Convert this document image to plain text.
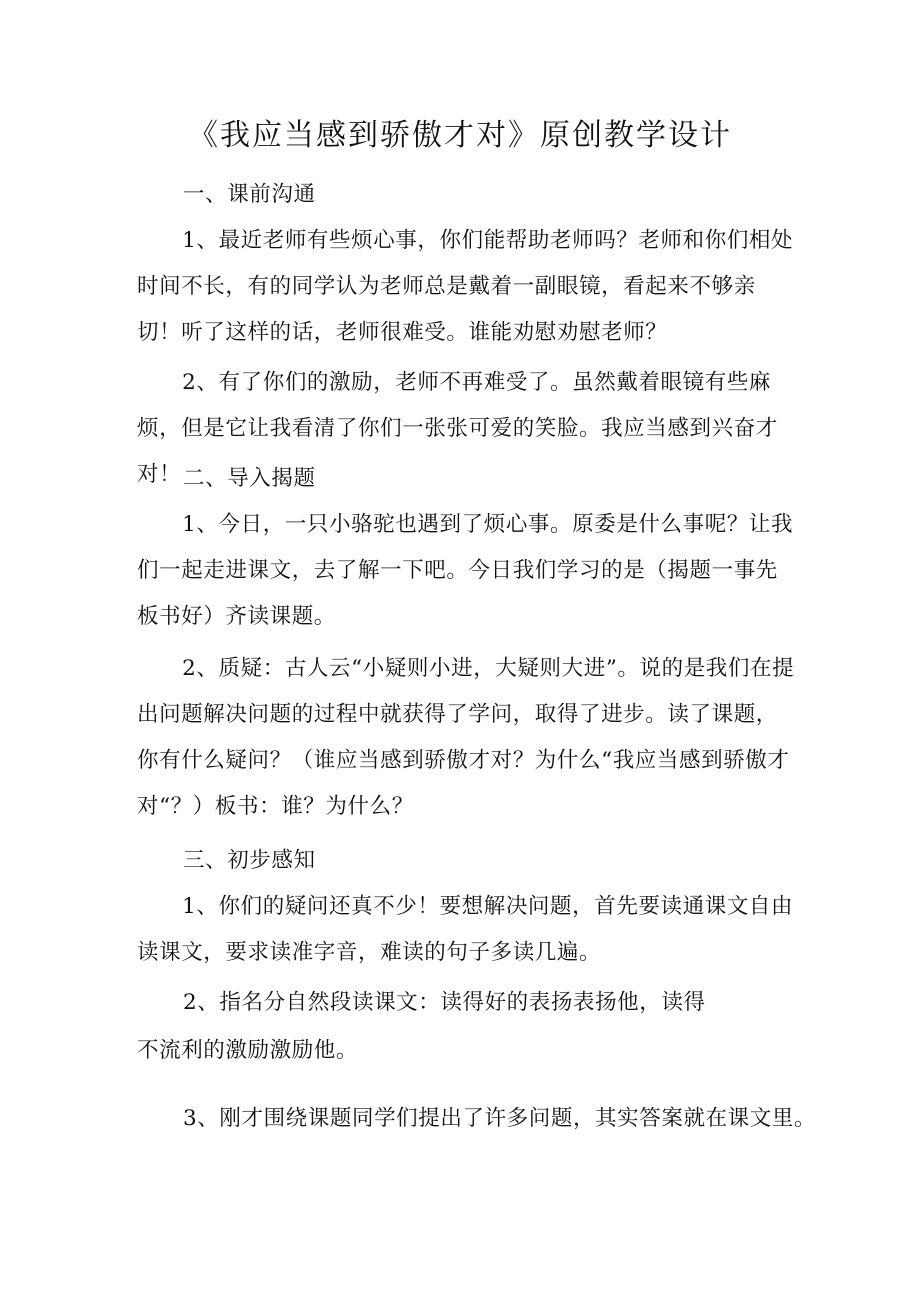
《我应当感到骄傲才对》原创教学设计
一、课前沟通

1、最近老师有些烦心事，你们能帮助老师吗？老师和你们相处时间不长，有的同学认为老师总是戴着一副眼镜，看起来不够亲切！听了这样的话，老师很难受。谁能劝慰劝慰老师？

2、有了你们的激励，老师不再难受了。虽然戴着眼镜有些麻烦，但是它让我看清了你们一张张可爱的笑脸。我应当感到兴奋才对！ 二、导入揭题

1、今日，一只小骆驼也遇到了烦心事。原委是什么事呢？让我们一起走进课文，去了解一下吧。今日我们学习的是（揭题一事先板书好）齐读课题。

2、质疑：古人云“小疑则小进，大疑则大进”。说的是我们在提出问题解决问题的过程中就获得了学问，取得了进步。读了课题，你有什么疑问？（谁应当感到骄傲才对？为什么“我应当感到骄傲才对“？）板书：谁？为什么？

三、初步感知

1、你们的疑问还真不少！要想解决问题，首先要读通课文自由读课文，要求读准字音，难读的句子多读几遍。

2、指名分自然段读课文：读得好的表扬表扬他，读得
不流利的激励激励他。
3、刚才围绕课题同学们提出了许多问题，其实答案就在课文里。
